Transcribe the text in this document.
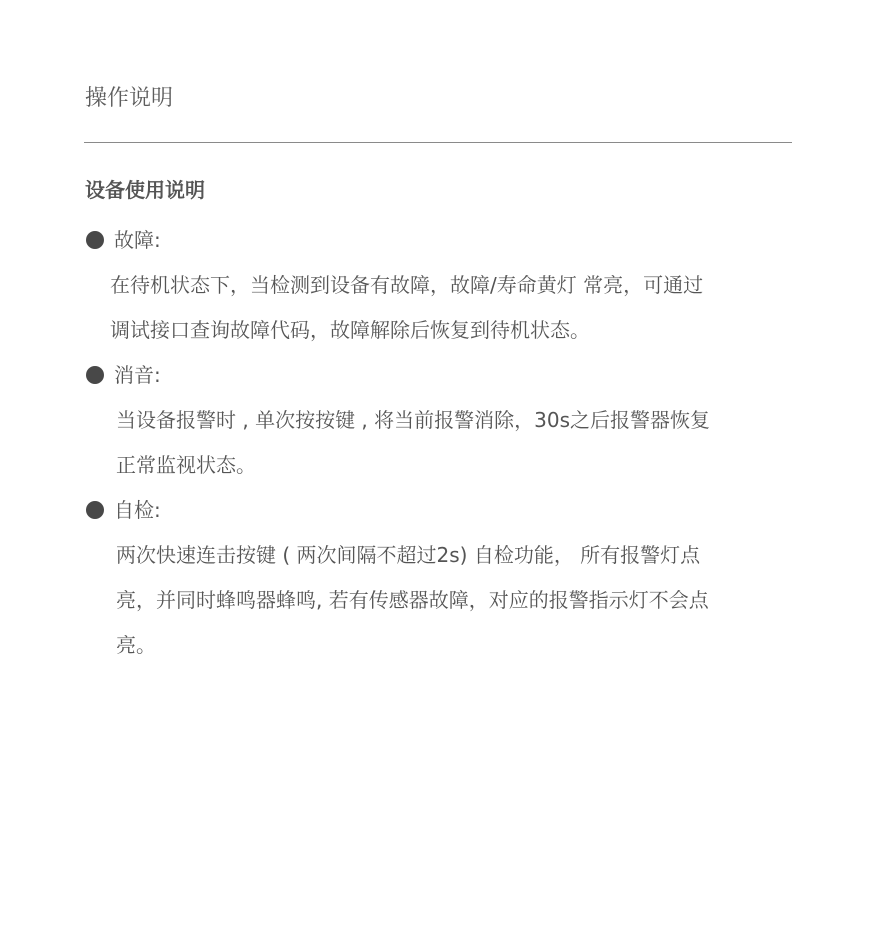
操作说明
设备使用说明
故障:
在待机状态下，当检测到设备有故障，故障/寿命黄灯 常亮，可通过
调试接口查询故障代码，故障解除后恢复到待机状态。
消音:
当设备报警时 , 单次按按键 , 将当前报警消除，30s之后报警器恢复
正常监视状态。
自检:
两次快速连击按键 ( 两次间隔不超过2s) 自检功能， 所有报警灯点
亮，并同时蜂鸣器蜂鸣, 若有传感器故障，对应的报警指示灯不会点
亮。
